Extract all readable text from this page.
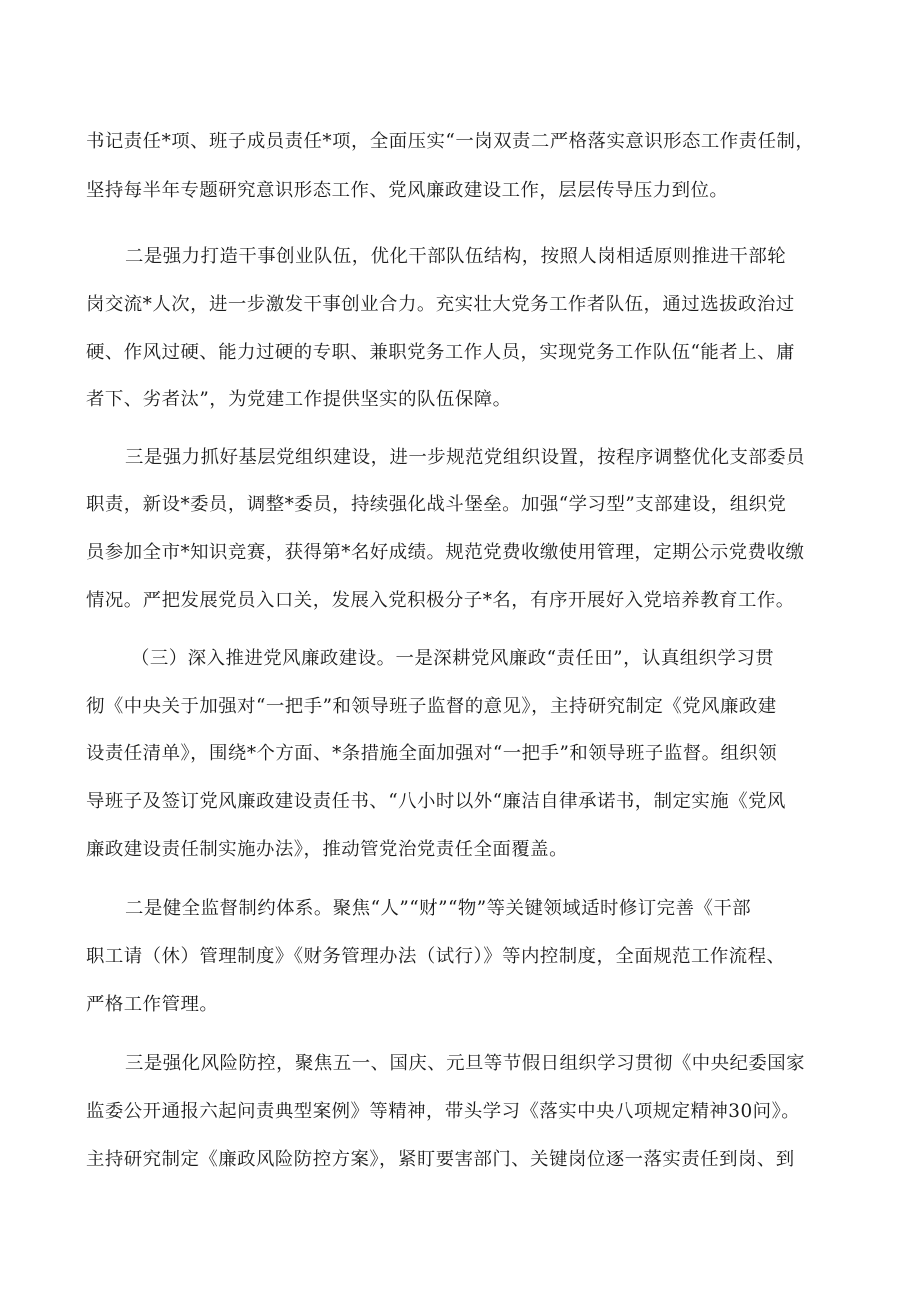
书记责任*项、班子成员责任*项，全面压实“一岗双责二严格落实意识形态工作责任制，
坚持每半年专题研究意识形态工作、党风廉政建设工作，层层传导压力到位。
二是强力打造干事创业队伍，优化干部队伍结构，按照人岗相适原则推进干部轮
岗交流*人次，进一步激发干事创业合力。充实壮大党务工作者队伍，通过选拔政治过
硬、作风过硬、能力过硬的专职、兼职党务工作人员，实现党务工作队伍“能者上、庸
者下、劣者汰”，为党建工作提供坚实的队伍保障。
三是强力抓好基层党组织建设，进一步规范党组织设置，按程序调整优化支部委员
职责，新设*委员，调整*委员，持续强化战斗堡垒。加强“学习型”支部建设，组织党
员参加全市*知识竞赛，获得第*名好成绩。规范党费收缴使用管理，定期公示党费收缴
情况。严把发展党员入口关，发展入党积极分子*名，有序开展好入党培养教育工作。
（三）深入推进党风廉政建设。一是深耕党风廉政“责任田”，认真组织学习贯
彻《中央关于加强对“一把手”和领导班子监督的意见》，主持研究制定《党风廉政建
设责任清单》，围绕*个方面、*条措施全面加强对“一把手”和领导班子监督。组织领
导班子及签订党风廉政建设责任书、“八小时以外“廉洁自律承诺书，制定实施《党风
廉政建设责任制实施办法》，推动管党治党责任全面覆盖。
二是健全监督制约体系。聚焦“人”“财”“物”等关键领域适时修订完善《干部
职工请（休）管理制度》《财务管理办法（试行）》等内控制度，全面规范工作流程、
严格工作管理。
三是强化风险防控，聚焦五一、国庆、元旦等节假日组织学习贯彻《中央纪委国家
监委公开通报六起问责典型案例》等精神，带头学习《落实中央八项规定精神30问》。
主持研究制定《廉政风险防控方案》，紧盯要害部门、关键岗位逐一落实责任到岗、到
